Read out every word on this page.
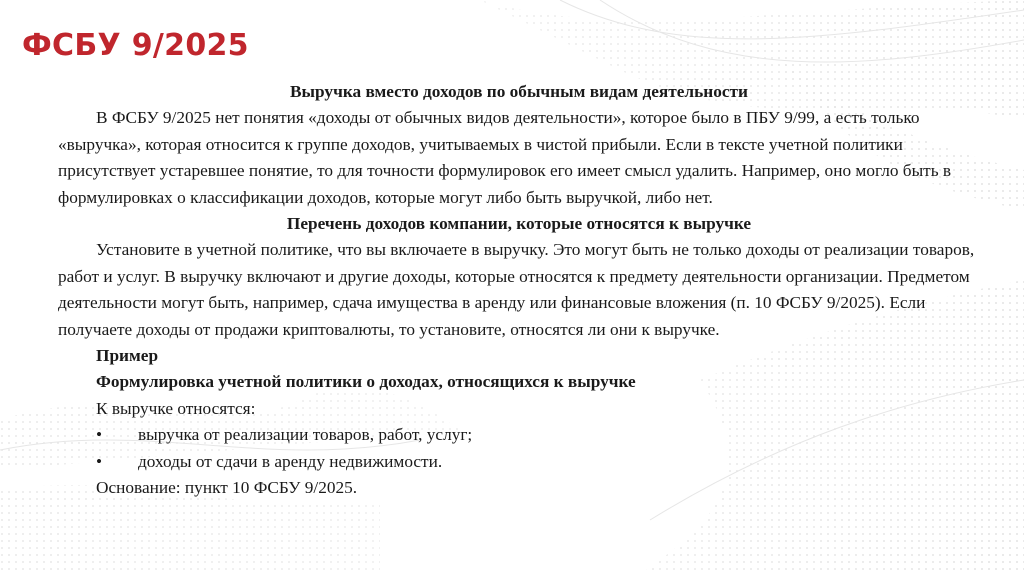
ФСБУ 9/2025

Выручка вместо доходов по обычным видам деятельности

В ФСБУ 9/2025 нет понятия «доходы от обычных видов деятельности», которое было в ПБУ 9/99, а есть только «выручка», которая относится к группе доходов, учитываемых в чистой прибыли. Если в тексте учетной политики присутствует устаревшее понятие, то для точности формулировок его имеет смысл удалить. Например, оно могло быть в формулировках о классификации доходов, которые могут либо быть выручкой, либо нет.

Перечень доходов компании, которые относятся к выручке

Установите в учетной политике, что вы включаете в выручку. Это могут быть не только доходы от реализации товаров, работ и услуг. В выручку включают и другие доходы, которые относятся к предмету деятельности организации. Предметом деятельности могут быть, например, сдача имущества в аренду или финансовые вложения (п. 10 ФСБУ 9/2025). Если получаете доходы от продажи криптовалюты, то установите, относятся ли они к выручке.

Пример

Формулировка учетной политики о доходах, относящихся к выручке

К выручке относятся:

• выручка от реализации товаров, работ, услуг;

• доходы от сдачи в аренду недвижимости.

Основание: пункт 10 ФСБУ 9/2025.
